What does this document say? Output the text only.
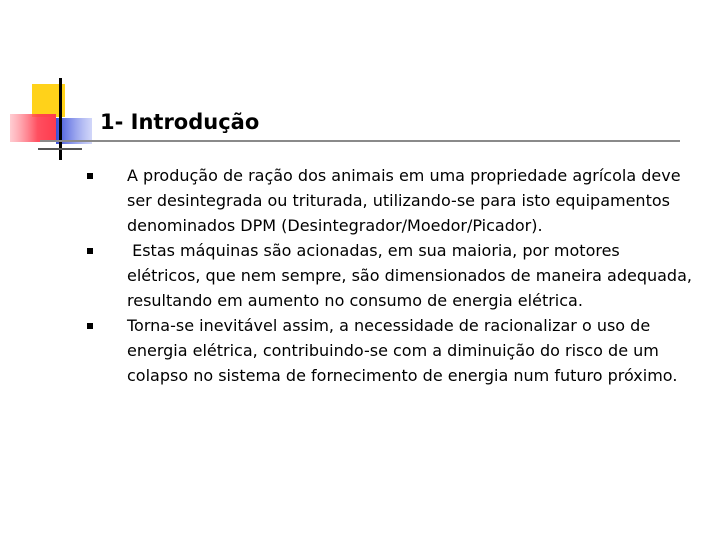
1- Introdução
A produção de ração dos animais em uma propriedade agrícola deve ser desintegrada ou triturada, utilizando-se para isto equipamentos denominados DPM (Desintegrador/Moedor/Picador).
Estas máquinas são acionadas, em sua maioria, por motores elétricos, que nem sempre, são dimensionados de maneira adequada, resultando em aumento no consumo de energia elétrica.
Torna-se inevitável assim, a necessidade de racionalizar o uso de energia elétrica, contribuindo-se com a diminuição do risco de um colapso no sistema de fornecimento de energia num futuro próximo.
